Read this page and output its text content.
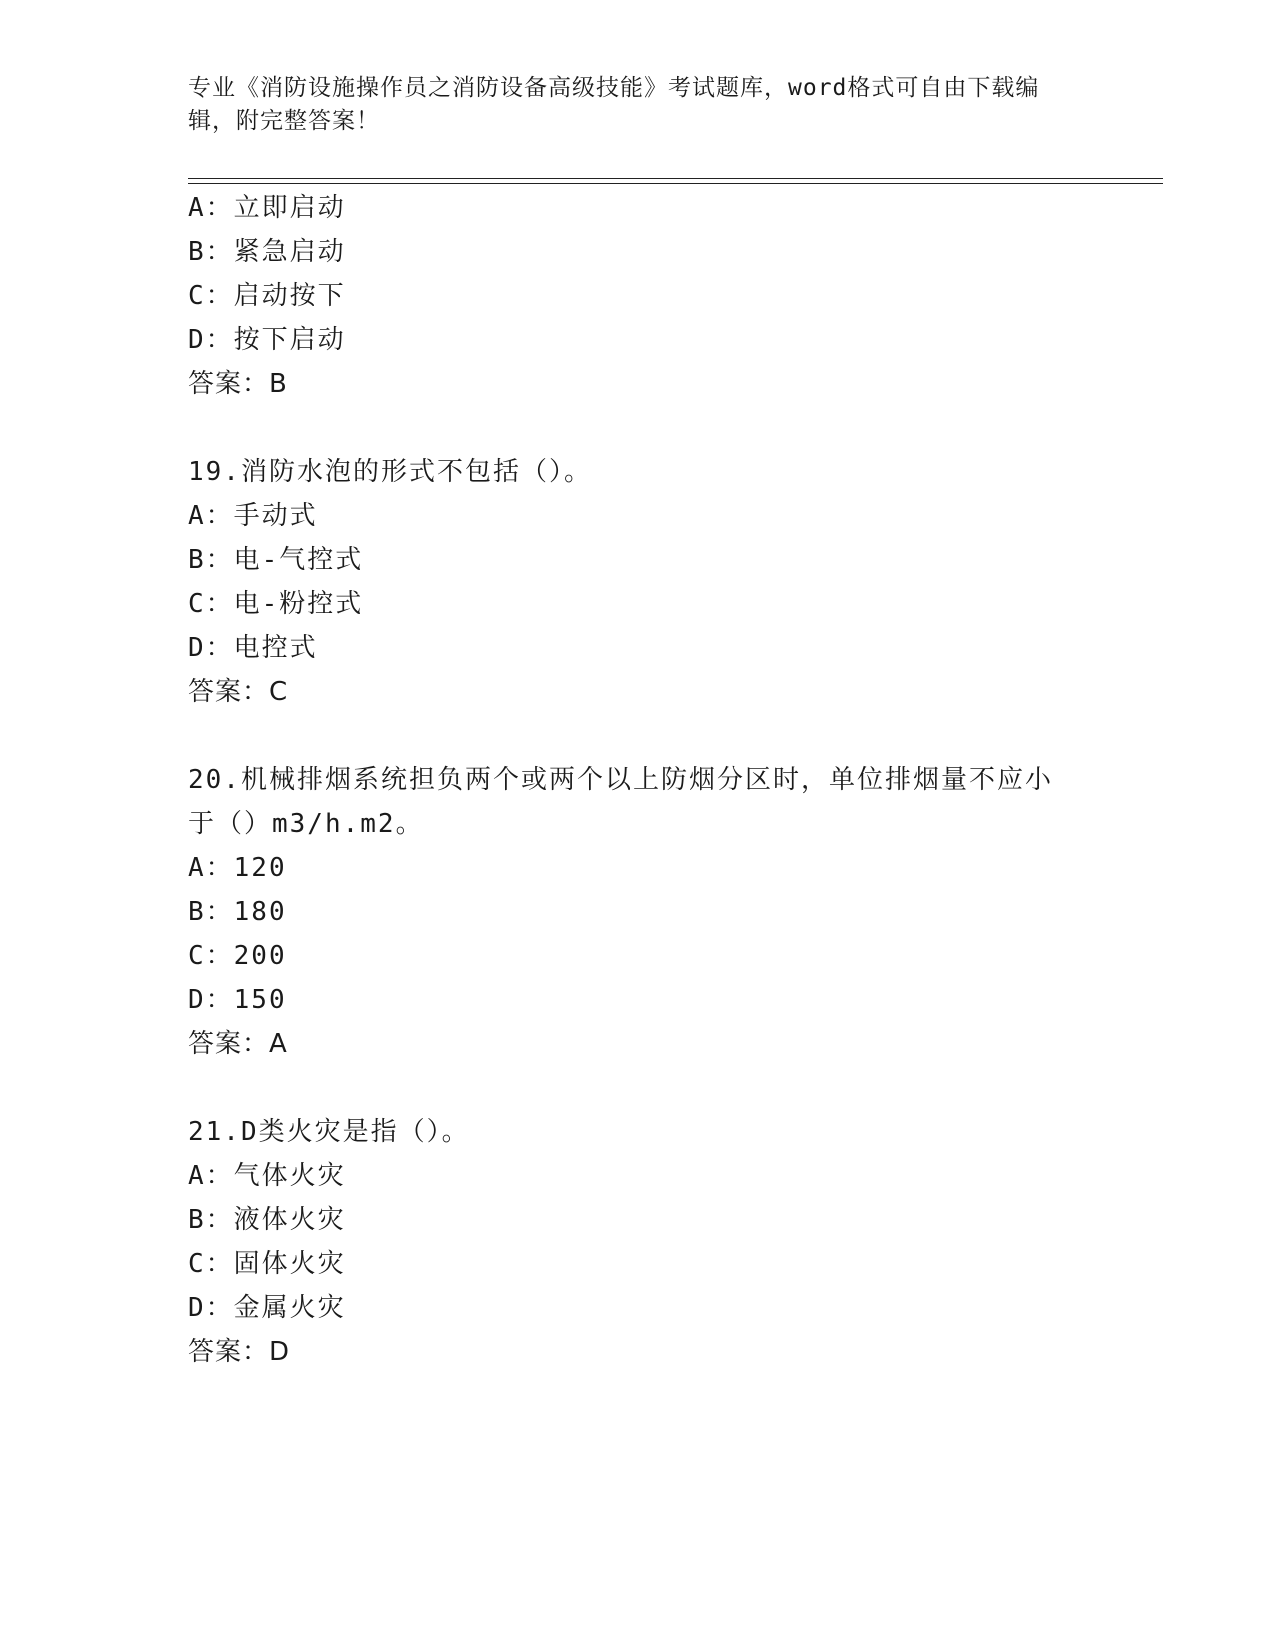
专业《消防设施操作员之消防设备高级技能》考试题库，word格式可自由下载编
辑，附完整答案！
A：立即启动
B：紧急启动
C：启动按下
D：按下启动
答案：B
19.消防水泡的形式不包括（）。
A：手动式
B：电-气控式
C：电-粉控式
D：电控式
答案：C
20.机械排烟系统担负两个或两个以上防烟分区时，单位排烟量不应小
于（）m3/h.m2。
A：120
B：180
C：200
D：150
答案：A
21.D类火灾是指（）。
A：气体火灾
B：液体火灾
C：固体火灾
D：金属火灾
答案：D
